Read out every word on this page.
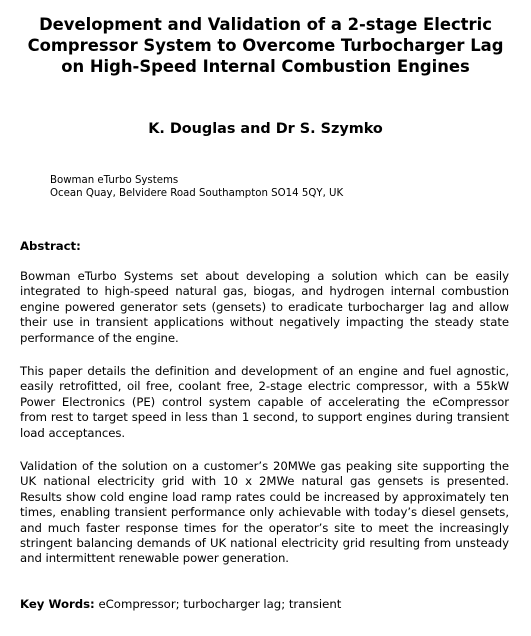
Development and Validation of a 2-stage Electric Compressor System to Overcome Turbocharger Lag on High-Speed Internal Combustion Engines
K. Douglas and Dr S. Szymko
Bowman eTurbo Systems
Ocean Quay, Belvidere Road Southampton SO14 5QY, UK
Abstract:
Bowman eTurbo Systems set about developing a solution which can be easily integrated to high-speed natural gas, biogas, and hydrogen internal combustion engine powered generator sets (gensets) to eradicate turbocharger lag and allow their use in transient applications without negatively impacting the steady state performance of the engine.
This paper details the definition and development of an engine and fuel agnostic, easily retrofitted, oil free, coolant free, 2-stage electric compressor, with a 55kW Power Electronics (PE) control system capable of accelerating the eCompressor from rest to target speed in less than 1 second, to support engines during transient load acceptances.
Validation of the solution on a customer’s 20MWe gas peaking site supporting the UK national electricity grid with 10 x 2MWe natural gas gensets is presented. Results show cold engine load ramp rates could be increased by approximately ten times, enabling transient performance only achievable with today’s diesel gensets, and much faster response times for the operator’s site to meet the increasingly stringent balancing demands of UK national electricity grid resulting from unsteady and intermittent renewable power generation.
Key Words: eCompressor; turbocharger lag; transient
